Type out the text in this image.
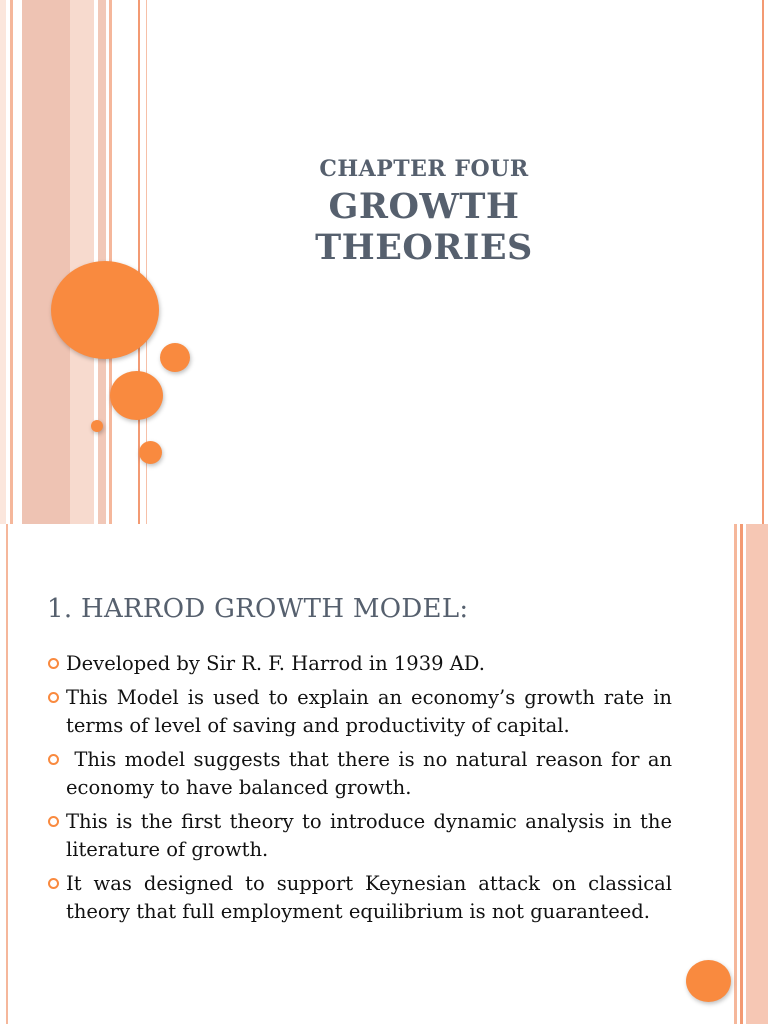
CHAPTER FOUR
GROWTH THEORIES
1. HARROD GROWTH MODEL:
Developed by Sir R. F. Harrod in 1939 AD.
This Model is used to explain an economy’s growth rate in terms of level of saving and productivity of capital.
This model suggests that there is no natural reason for an economy to have balanced growth.
This is the first theory to introduce dynamic analysis in the literature of growth.
It was designed to support Keynesian attack on classical theory that full employment equilibrium is not guaranteed.
